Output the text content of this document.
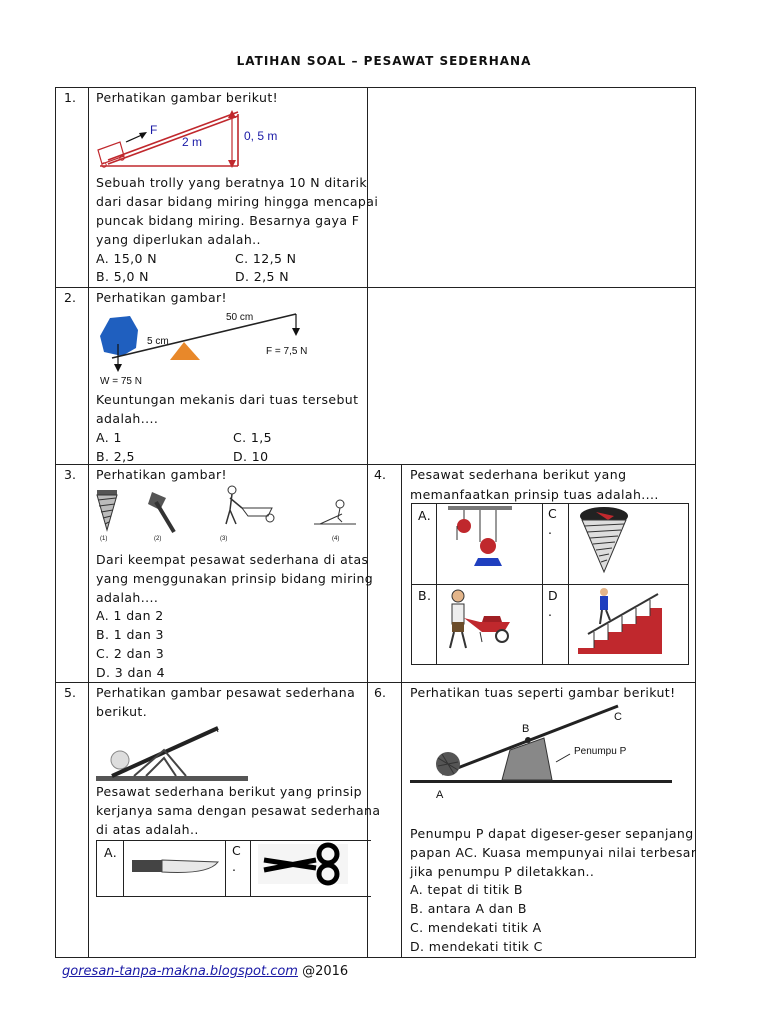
LATIHAN SOAL – PESAWAT SEDERHANA
1. Perhatikan gambar berikut!
F
2 m	0, 5 m
Sebuah trolly yang beratnya 10 N ditarik
dari dasar bidang miring hingga mencapai
puncak bidang miring. Besarnya gaya F
yang diperlukan adalah..
A. 15,0 N	C. 12,5 N
B. 5,0 N	D. 2,5 N
2. Perhatikan gambar!
5 cm
50 cm
F = 7,5 N
W = 75 N
Keuntungan mekanis dari tuas tersebut
adalah....
A. 1	C. 1,5
B. 2,5	D. 10
3. Perhatikan gambar!
(1)	(2)	(3)	(4)
Dari keempat pesawat sederhana di atas
yang menggunakan prinsip bidang miring
adalah....
A. 1 dan 2
B. 1 dan 3
C. 2 dan 3
D. 3 dan 4
4. Pesawat sederhana berikut yang
memanfaatkan prinsip tuas adalah....
A.	C
.
B.	D
.
5. Perhatikan gambar pesawat sederhana
berikut.
Pesawat sederhana berikut yang prinsip
kerjanya sama dengan pesawat sederhana
di atas adalah..
A.	C
.
6. Perhatikan tuas seperti gambar berikut!
A
B
C
Penumpu P
Penumpu P dapat digeser-geser sepanjang
papan AC. Kuasa mempunyai nilai terbesar
jika penumpu P diletakkan..
A. tepat di titik B
B. antara A dan B
C. mendekati titik A
D. mendekati titik C
goresan-tanpa-makna.blogspot.com @2016
